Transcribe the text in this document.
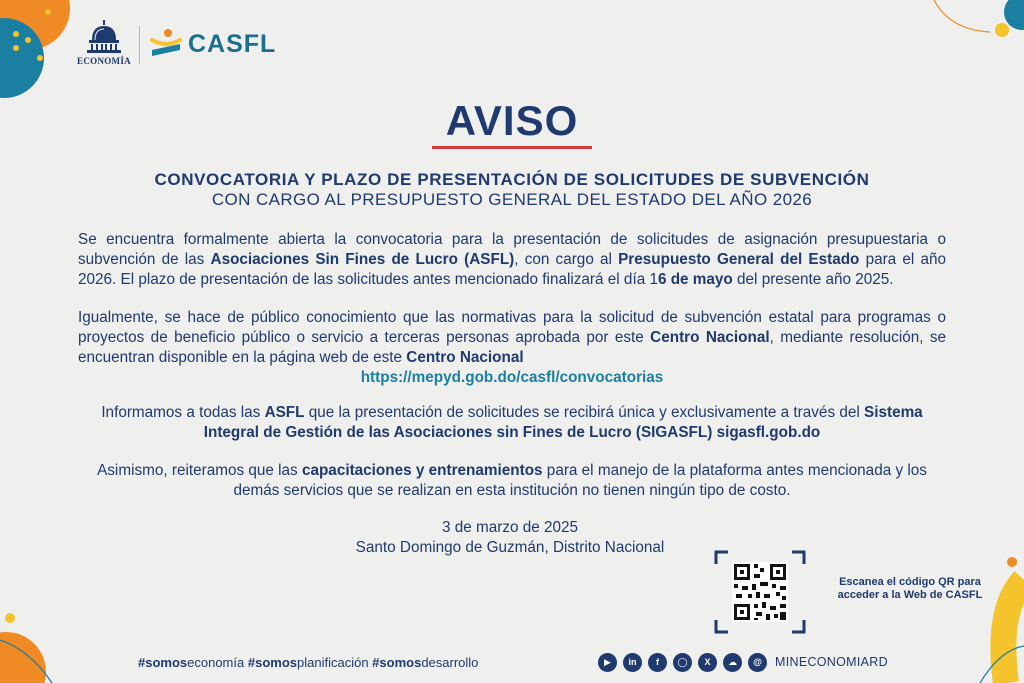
ECONOMÍA
CASFL
AVISO
CONVOCATORIA Y PLAZO DE PRESENTACIÓN DE SOLICITUDES DE SUBVENCIÓN
CON CARGO AL PRESUPUESTO GENERAL DEL ESTADO DEL AÑO 2026
Se encuentra formalmente abierta la convocatoria para la presentación de solicitudes de asignación presupuestaria o subvención de las Asociaciones Sin Fines de Lucro (ASFL), con cargo al Presupuesto General del Estado para el año 2026. El plazo de presentación de las solicitudes antes mencionado finalizará el día 16 de mayo del presente año 2025.
Igualmente, se hace de público conocimiento que las normativas para la solicitud de subvención estatal para programas o proyectos de beneficio público o servicio a terceras personas aprobada por este Centro Nacional, mediante resolución, se encuentran disponible en la página web de este Centro Nacional
https://mepyd.gob.do/casfl/convocatorias
Informamos a todas las ASFL que la presentación de solicitudes se recibirá única y exclusivamente a través del Sistema Integral de Gestión de las Asociaciones sin Fines de Lucro (SIGASFL) sigasfl.gob.do
Asimismo, reiteramos que las capacitaciones y entrenamientos para el manejo de la plataforma antes mencionada y los demás servicios que se realizan en esta institución no tienen ningún tipo de costo.
3 de marzo de 2025
Santo Domingo de Guzmán, Distrito Nacional
Escanea el código QR para acceder a la Web de CASFL
#somoseconomía #somosplanificación #somosdesarrollo	▶	in	f	◯	X	☁	@	MINECONOMIARD
